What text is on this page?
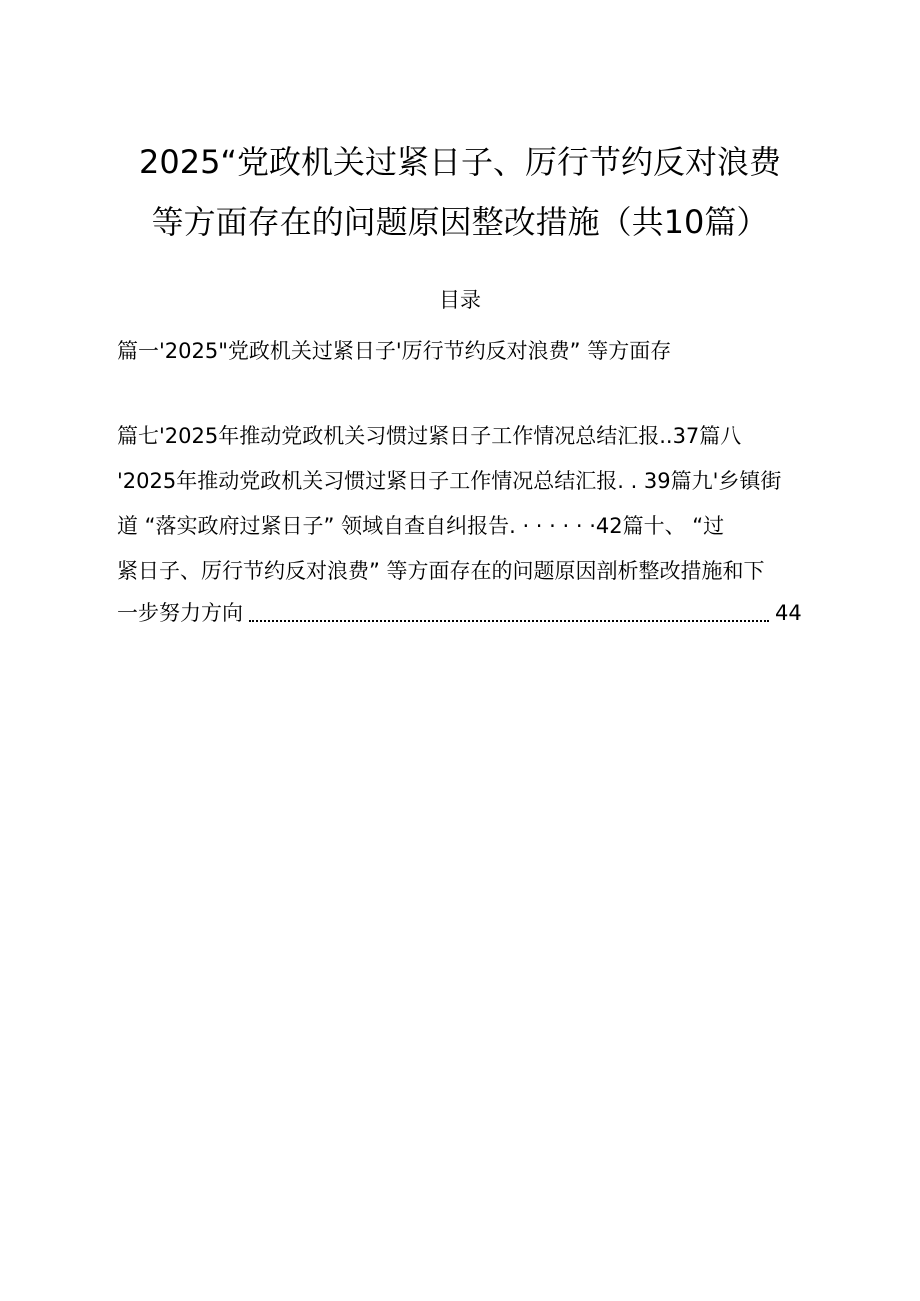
2025“党政机关过紧日子、厉行节约反对浪费
等方面存在的问题原因整改措施（共10篇）
目录
篇一'2025"党政机关过紧日子'厉行节约反对浪费” 等方面存
篇七'2025年推动党政机关习惯过紧日子工作情况总结汇报..37篇八
'2025年推动党政机关习惯过紧日子工作情况总结汇报. . 39篇九'乡镇街
道 “落实政府过紧日子” 领域自查自纠报告. · · · · · ·42篇十、 “过
紧日子、厉行节约反对浪费” 等方面存在的问题原因剖析整改措施和下
一步努力方向	44
